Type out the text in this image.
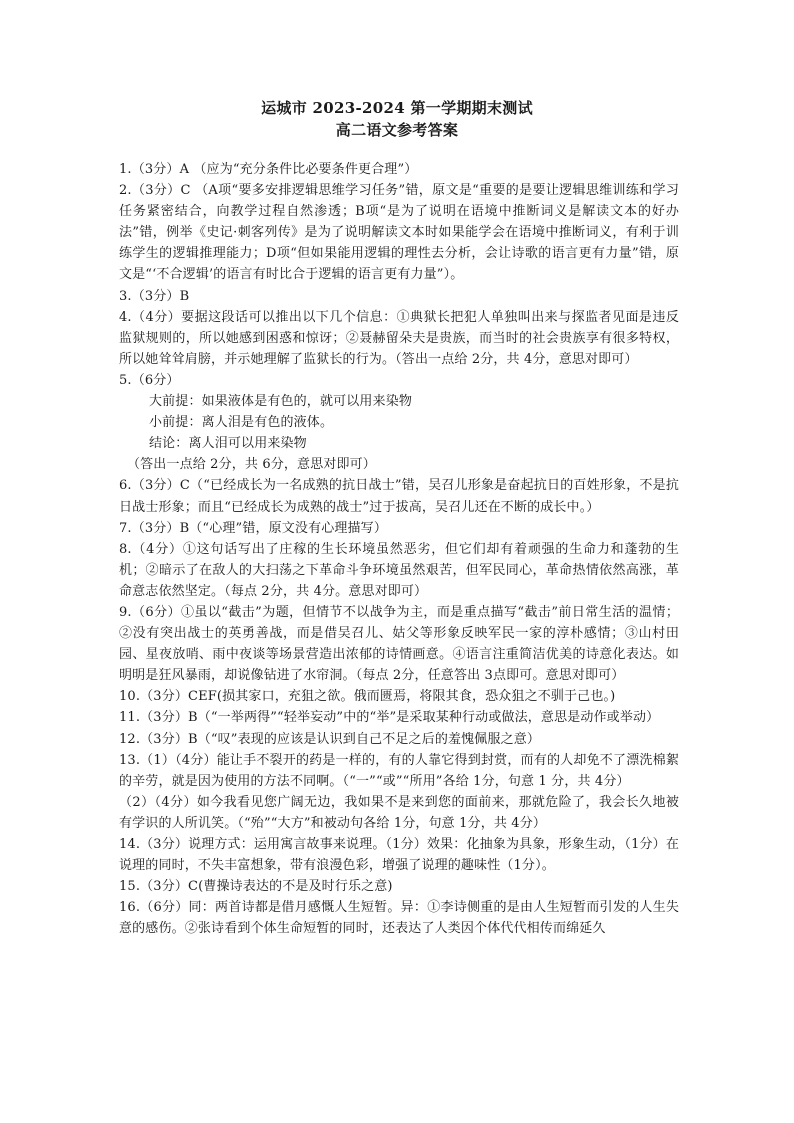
运城市 2023-2024 第一学期期末测试
高二语文参考答案

1.（3分）A （应为“充分条件比必要条件更合理”）

2.（3分）C （A项“要多安排逻辑思维学习任务”错，原文是“重要的是要让逻辑思维训练和学习任务紧密结合，向教学过程自然渗透；B项“是为了说明在语境中推断词义是解读文本的好办法”错，例举《史记·刺客列传》是为了说明解读文本时如果能学会在语境中推断词义，有利于训练学生的逻辑推理能力；D项“但如果能用逻辑的理性去分析，会让诗歌的语言更有力量”错，原文是“‘不合逻辑’的语言有时比合于逻辑的语言更有力量”）。

3.（3分）B

4.（4分）要据这段话可以推出以下几个信息：①典狱长把犯人单独叫出来与探监者见面是违反监狱规则的，所以她感到困惑和惊讶；②聂赫留朵夫是贵族，而当时的社会贵族享有很多特权，所以她耸耸肩膀，并示她理解了监狱长的行为。（答出一点给 2分，共 4分，意思对即可）

5.（6分）

大前提：如果液体是有色的，就可以用来染物

小前提：离人泪是有色的液体。

结论：离人泪可以用来染物

（答出一点给 2分，共 6分，意思对即可）

6.（3分）C（“已经成长为一名成熟的抗日战士”错，吴召儿形象是奋起抗日的百姓形象，不是抗日战士形象；而且“已经成长为成熟的战士”过于拔高，吴召儿还在不断的成长中。）

7.（3分）B（“心理”错，原文没有心理描写）

8.（4分）①这句话写出了庄稼的生长环境虽然恶劣，但它们却有着顽强的生命力和蓬勃的生机；②暗示了在敌人的大扫荡之下革命斗争环境虽然艰苦，但军民同心，革命热情依然高涨，革命意志依然坚定。（每点 2分，共 4分。意思对即可）

9.（6分）①虽以“截击”为题，但情节不以战争为主，而是重点描写“截击”前日常生活的温情；②没有突出战士的英勇善战，而是借吴召儿、姑父等形象反映军民一家的淳朴感情；③山村田园、星夜放哨、雨中夜谈等场景营造出浓郁的诗情画意。④语言注重简洁优美的诗意化表达。如明明是狂风暴雨，却说像钻进了水帘洞。（每点 2分，任意答出 3点即可。意思对即可）

10.（3分）CEF(损其家口，充狙之欲。俄而匮焉，将限其食，恐众狙之不驯于己也。)

11.（3分）B（“一举两得”“轻举妄动”中的“举”是采取某种行动或做法，意思是动作或举动）

12.（3分）B（“叹”表现的应该是认识到自己不足之后的羞愧佩服之意）

13.（1）（4分）能让手不裂开的药是一样的，有的人靠它得到封赏，而有的人却免不了漂洗棉絮的辛劳，就是因为使用的方法不同啊。（“一”“或”“所用”各给 1分，句意 1 分，共 4分）

（2）（4分）如今我看见您广阔无边，我如果不是来到您的面前来，那就危险了，我会长久地被有学识的人所讥笑。（“殆”“大方”和被动句各给 1分，句意 1分，共 4分）

14.（3分）说理方式：运用寓言故事来说理。（1分）效果：化抽象为具象，形象生动，（1分）在说理的同时，不失丰富想象，带有浪漫色彩，增强了说理的趣味性（1分）。

15.（3分）C(曹操诗表达的不是及时行乐之意)

16.（6分）同：两首诗都是借月感慨人生短暂。异：①李诗侧重的是由人生短暂而引发的人生失意的感伤。②张诗看到个体生命短暂的同时，还表达了人类因个体代代相传而绵延久
